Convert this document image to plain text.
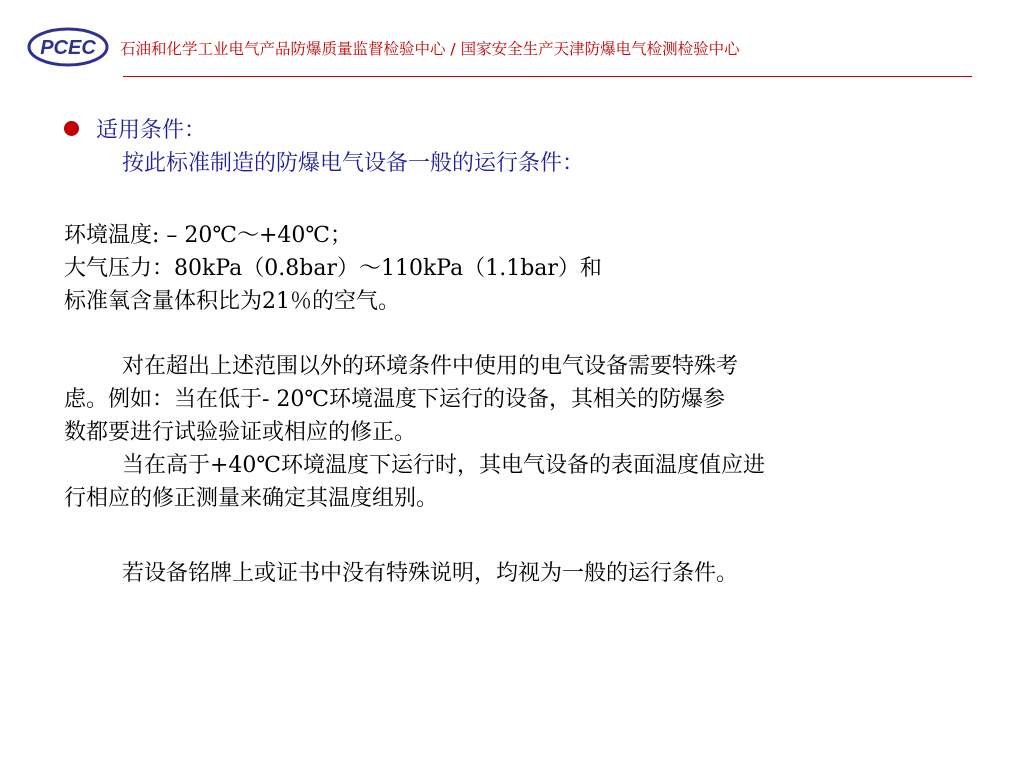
PCEC 石油和化学工业电气产品防爆质量监督检验中心 / 国家安全生产天津防爆电气检测检验中心
适用条件：
按此标准制造的防爆电气设备一般的运行条件：
环境温度: – 20℃～+40℃；
大气压力：80kPa（0.8bar）～110kPa（1.1bar）和
标准氧含量体积比为21％的空气。
对在超出上述范围以外的环境条件中使用的电气设备需要特殊考
虑。例如：当在低于- 20℃环境温度下运行的设备，其相关的防爆参
数都要进行试验验证或相应的修正。
当在高于+40℃环境温度下运行时，其电气设备的表面温度值应进
行相应的修正测量来确定其温度组别。
若设备铭牌上或证书中没有特殊说明，均视为一般的运行条件。
